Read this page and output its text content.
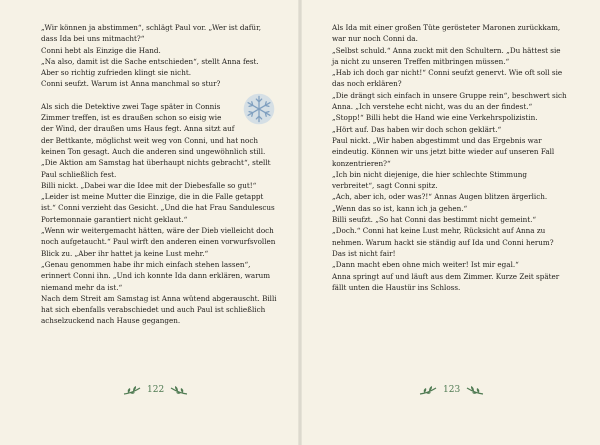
„Wir können ja abstimmen“, schlägt Paul vor. „Wer ist dafür, dass Ida bei uns mitmacht?“

Conni hebt als Einzige die Hand.

„Na also, damit ist die Sache entschieden“, stellt Anna fest.

Aber so richtig zufrieden klingt sie nicht.

Conni seufzt. Warum ist Anna manchmal so stur?

Als sich die Detektive zwei Tage später in Connis Zimmer treffen, ist es draußen schon so eisig wie der Wind, der draußen ums Haus fegt. Anna sitzt auf der Bettkante, möglichst weit weg von Conni, und hat noch keinen Ton gesagt. Auch die anderen sind ungewöhnlich still.

„Die Aktion am Samstag hat überhaupt nichts gebracht“, stellt Paul schließlich fest.

Billi nickt. „Dabei war die Idee mit der Diebesfalle so gut!“

„Leider ist meine Mutter die Einzige, die in die Falle getappt ist.“ Conni verzieht das Gesicht. „Und die hat Frau Sandulescus Portemonnaie garantiert nicht geklaut.“

„Wenn wir weitergemacht hätten, wäre der Dieb vielleicht doch noch aufgetaucht.“ Paul wirft den anderen einen vorwurfsvollen Blick zu. „Aber ihr hattet ja keine Lust mehr.“

„Genau genommen habe ihr mich einfach stehen lassen“, erinnert Conni ihn. „Und ich konnte Ida dann erklären, warum niemand mehr da ist.“

Nach dem Streit am Samstag ist Anna wütend abgerauscht. Billi hat sich ebenfalls verabschiedet und auch Paul ist schließlich achselzuckend nach Hause gegangen.

122

Als Ida mit einer großen Tüte gerösteter Maronen zurückkam, war nur noch Conni da.

„Selbst schuld.“ Anna zuckt mit den Schultern. „Du hättest sie ja nicht zu unseren Treffen mitbringen müssen.“

„Hab ich doch gar nicht!“ Conni seufzt genervt. Wie oft soll sie das noch erklären?

„Die drängt sich einfach in unsere Gruppe rein“, beschwert sich Anna. „Ich verstehe echt nicht, was du an der findest.“

„Stopp!“ Billi hebt die Hand wie eine Verkehrspolizistin.

„Hört auf. Das haben wir doch schon geklärt.“

Paul nickt. „Wir haben abgestimmt und das Ergebnis war eindeutig. Können wir uns jetzt bitte wieder auf unseren Fall konzentrieren?“

„Ich bin nicht diejenige, die hier schlechte Stimmung verbreitet“, sagt Conni spitz.

„Ach, aber ich, oder was?!“ Annas Augen blitzen ärgerlich.

„Wenn das so ist, kann ich ja gehen.“

Billi seufzt. „So hat Conni das bestimmt nicht gemeint.“

„Doch.“ Conni hat keine Lust mehr, Rücksicht auf Anna zu nehmen. Warum hackt sie ständig auf Ida und Conni herum? Das ist nicht fair!

„Dann macht eben ohne mich weiter! Ist mir egal.“

Anna springt auf und läuft aus dem Zimmer. Kurze Zeit später fällt unten die Haustür ins Schloss.

123
